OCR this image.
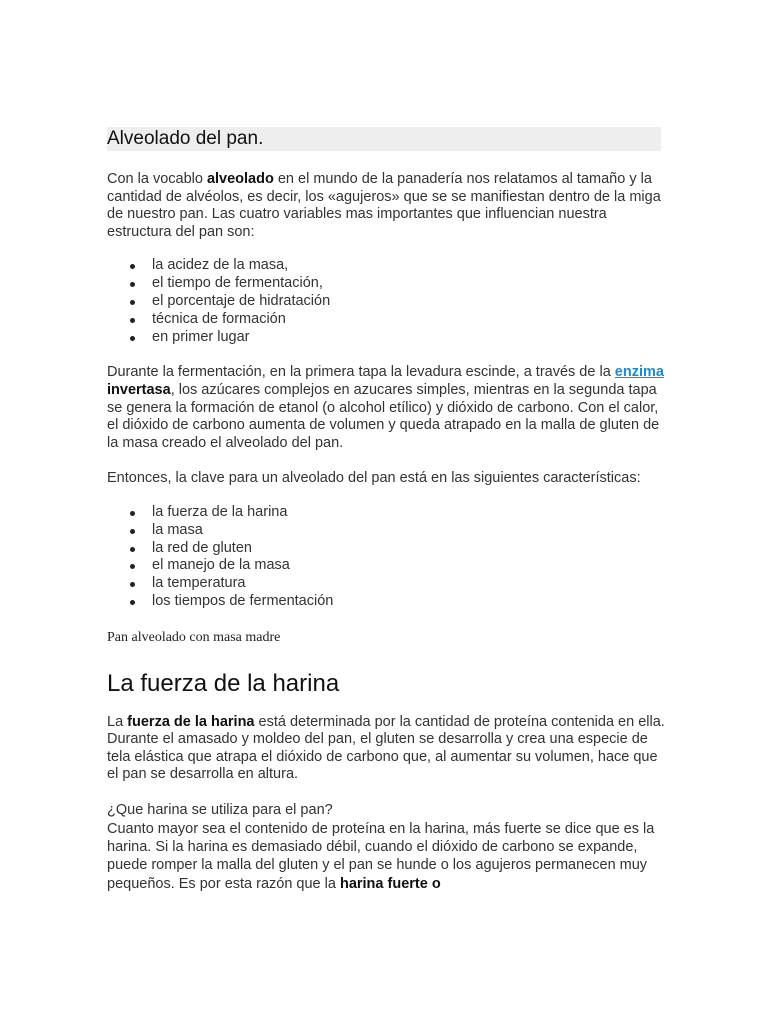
Alveolado del pan.

Con la vocablo alveolado en el mundo de la panadería nos relatamos al tamaño y la cantidad de alvéolos, es decir, los «agujeros» que se se manifiestan dentro de la miga de nuestro pan. Las cuatro variables mas importantes que influencian nuestra estructura del pan son:

la acidez de la masa,
el tiempo de fermentación,
el porcentaje de hidratación
técnica de formación
en primer lugar

Durante la fermentación, en la primera tapa la levadura escinde, a través de la enzima invertasa, los azúcares complejos en azucares simples, mientras en la segunda tapa se genera la formación de etanol (o alcohol etílico) y dióxido de carbono. Con el calor, el dióxido de carbono aumenta de volumen y queda atrapado en la malla de gluten de la masa creado el alveolado del pan.

Entonces, la clave para un alveolado del pan está en las siguientes características:

la fuerza de la harina
la masa
la red de gluten
el manejo de la masa
la temperatura
los tiempos de fermentación
Pan alveolado con masa madre
La fuerza de la harina

La fuerza de la harina está determinada por la cantidad de proteína contenida en ella. Durante el amasado y moldeo del pan, el gluten se desarrolla y crea una especie de tela elástica que atrapa el dióxido de carbono que, al aumentar su volumen, hace que el pan se desarrolla en altura.

¿Que harina se utiliza para el pan?

Cuanto mayor sea el contenido de proteína en la harina, más fuerte se dice que es la harina. Si la harina es demasiado débil, cuando el dióxido de carbono se expande, puede romper la malla del gluten y el pan se hunde o los agujeros permanecen muy pequeños. Es por esta razón que la harina fuerte o
